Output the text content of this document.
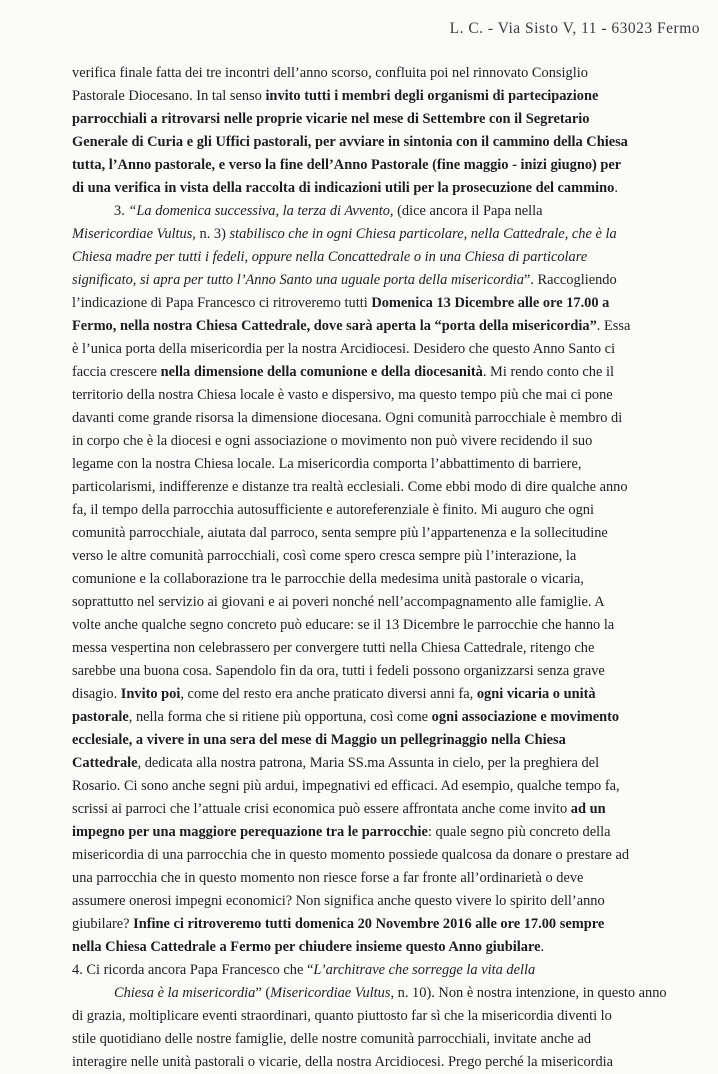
L. C. - Via Sisto V, 11 - 63023 Fermo
verifica finale fatta dei tre incontri dell’anno scorso, confluita poi nel rinnovato Consiglio
Pastorale Diocesano. In tal senso invito tutti i membri degli organismi di partecipazione
parrocchiali a ritrovarsi nelle proprie vicarie nel mese di Settembre con il Segretario
Generale di Curia e gli Uffici pastorali, per avviare in sintonia con il cammino della Chiesa
tutta, l’Anno pastorale, e verso la fine dell’Anno Pastorale (fine maggio - inizi giugno) per
di una verifica in vista della raccolta di indicazioni utili per la prosecuzione del cammino.
3. “La domenica successiva, la terza di Avvento, (dice ancora il Papa nella
Misericordiae Vultus, n. 3) stabilisco che in ogni Chiesa particolare, nella Cattedrale, che è la
Chiesa madre per tutti i fedeli, oppure nella Concattedrale o in una Chiesa di particolare
significato, si apra per tutto l’Anno Santo una uguale porta della misericordia”. Raccogliendo
l’indicazione di Papa Francesco ci ritroveremo tutti Domenica 13 Dicembre alle ore 17.00 a
Fermo, nella nostra Chiesa Cattedrale, dove sarà aperta la “porta della misericordia”. Essa
è l’unica porta della misericordia per la nostra Arcidiocesi. Desidero che questo Anno Santo ci
faccia crescere nella dimensione della comunione e della diocesanità. Mi rendo conto che il
territorio della nostra Chiesa locale è vasto e dispersivo, ma questo tempo più che mai ci pone
davanti come grande risorsa la dimensione diocesana. Ogni comunità parrocchiale è membro di
in corpo che è la diocesi e ogni associazione o movimento non può vivere recidendo il suo
legame con la nostra Chiesa locale. La misericordia comporta l’abbattimento di barriere,
particolarismi, indifferenze e distanze tra realtà ecclesiali. Come ebbi modo di dire qualche anno
fa, il tempo della parrocchia autosufficiente e autoreferenziale è finito. Mi auguro che ogni
comunità parrocchiale, aiutata dal parroco, senta sempre più l’appartenenza e la sollecitudine
verso le altre comunità parrocchiali, così come spero cresca sempre più l’interazione, la
comunione e la collaborazione tra le parrocchie della medesima unità pastorale o vicaria,
soprattutto nel servizio ai giovani e ai poveri nonché nell’accompagnamento alle famiglie. A
volte anche qualche segno concreto può educare: se il 13 Dicembre le parrocchie che hanno la
messa vespertina non celebrassero per convergere tutti nella Chiesa Cattedrale, ritengo che
sarebbe una buona cosa. Sapendolo fin da ora, tutti i fedeli possono organizzarsi senza grave
disagio. Invito poi, come del resto era anche praticato diversi anni fa, ogni vicaria o unità
pastorale, nella forma che si ritiene più opportuna, così come ogni associazione e movimento
ecclesiale, a vivere in una sera del mese di Maggio un pellegrinaggio nella Chiesa
Cattedrale, dedicata alla nostra patrona, Maria SS.ma Assunta in cielo, per la preghiera del
Rosario. Ci sono anche segni più ardui, impegnativi ed efficaci. Ad esempio, qualche tempo fa,
scrissi ai parroci che l’attuale crisi economica può essere affrontata anche come invito ad un
impegno per una maggiore perequazione tra le parrocchie: quale segno più concreto della
misericordia di una parrocchia che in questo momento possiede qualcosa da donare o prestare ad
una parrocchia che in questo momento non riesce forse a far fronte all’ordinarietà o deve
assumere onerosi impegni economici? Non significa anche questo vivere lo spirito dell’anno
giubilare? Infine ci ritroveremo tutti domenica 20 Novembre 2016 alle ore 17.00 sempre
nella Chiesa Cattedrale a Fermo per chiudere insieme questo Anno giubilare.
4. Ci ricorda ancora Papa Francesco che “L’architrave che sorregge la vita della
Chiesa è la misericordia” (Misericordiae Vultus, n. 10). Non è nostra intenzione, in questo anno
di grazia, moltiplicare eventi straordinari, quanto piuttosto far sì che la misericordia diventi lo
stile quotidiano delle nostre famiglie, delle nostre comunità parrocchiali, invitate anche ad
interagire nelle unità pastorali o vicarie, della nostra Arcidiocesi. Prego perché la misericordia
